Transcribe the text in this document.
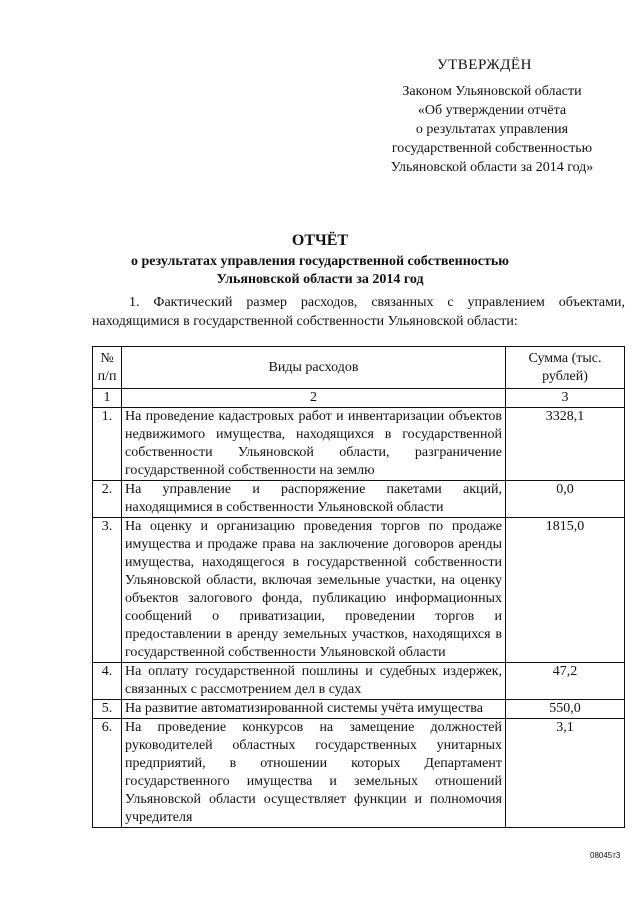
УТВЕРЖДЁН
Законом Ульяновской области
«Об утверждении отчёта
о результатах управления
государственной собственностью
Ульяновской области за 2014 год»
ОТЧЁТ
о результатах управления государственной собственностью
Ульяновской области за 2014 год
1. Фактический размер расходов, связанных с управлением объектами, находящимися в государственной собственности Ульяновской области:
№ п/п	Виды расходов	Сумма (тыс. рублей)
1	2	3
1.	На проведение кадастровых работ и инвентаризации объектов недвижимого имущества, находящихся в государственной собственности Ульяновской области, разграничение государственной собственности на землю	3328,1
2.	На управление и распоряжение пакетами акций, находящимися в собственности Ульяновской области	0,0
3.	На оценку и организацию проведения торгов по продаже имущества и продаже права на заключение договоров аренды имущества, находящегося в государственной собственности Ульяновской области, включая земельные участки, на оценку объектов залогового фонда, публикацию информационных сообщений о приватизации, проведении торгов и предоставлении в аренду земельных участков, находящихся в государственной собственности Ульяновской области	1815,0
4.	На оплату государственной пошлины и судебных издержек, связанных с рассмотрением дел в судах	47,2
5.	На развитие автоматизированной системы учёта имущества	550,0
6.	На проведение конкурсов на замещение должностей руководителей областных государственных унитарных предприятий, в отношении которых Департамент государственного имущества и земельных отношений Ульяновской области осуществляет функции и полномочия учредителя	3,1
08045т3
